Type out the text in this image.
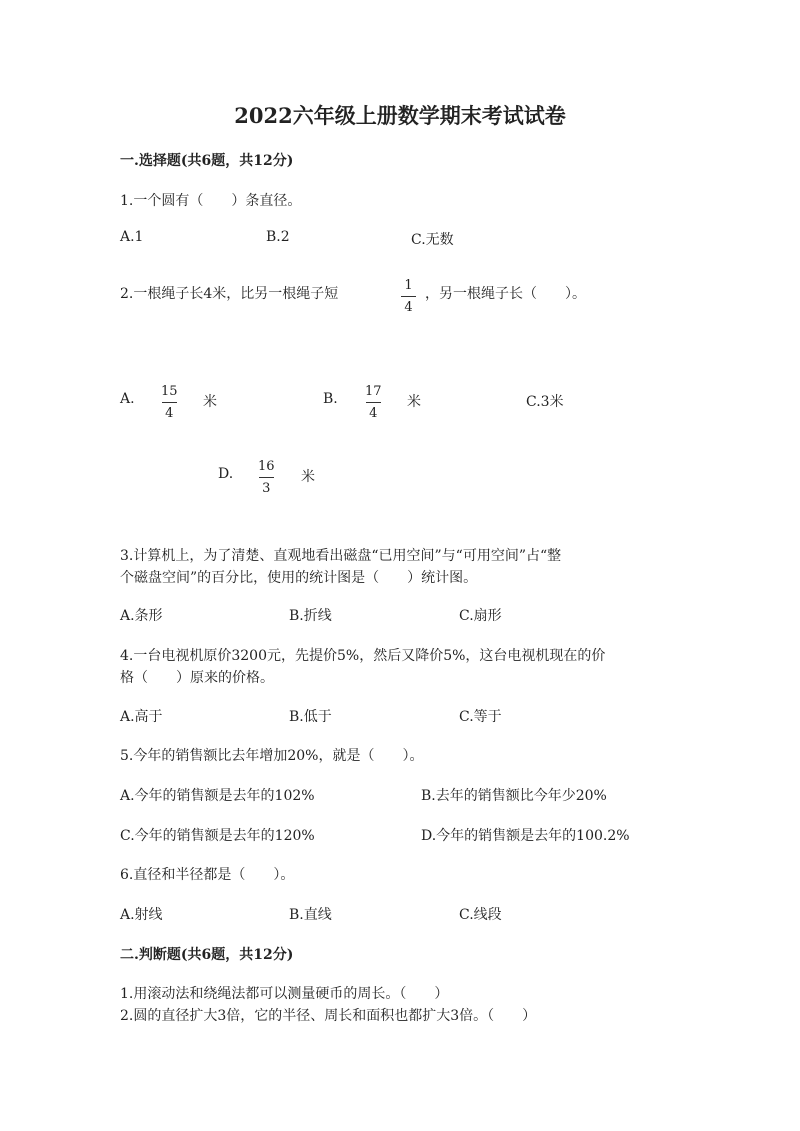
2022六年级上册数学期末考试试卷
一.选择题(共6题，共12分)
1.一个圆有（　　）条直径。
A.1	B.2	C.无数
2.一根绳子长4米，比另一根绳子短
1
4
，另一根绳子长（　　）。
A. 15
4
米	B. 17
4
米	C.3米
D. 16
3
米
3.计算机上，为了清楚、直观地看出磁盘“已用空间”与“可用空间”占“整
个磁盘空间”的百分比，使用的统计图是（　　）统计图。
A.条形	B.折线	C.扇形
4.一台电视机原价3200元，先提价5%，然后又降价5%，这台电视机现在的价
格（　　）原来的价格。
A.高于	B.低于	C.等于
5.今年的销售额比去年增加20%，就是（　　）。
A.今年的销售额是去年的102%	B.去年的销售额比今年少20%
C.今年的销售额是去年的120%	D.今年的销售额是去年的100.2%
6.直径和半径都是（　　）。
A.射线	B.直线	C.线段
二.判断题(共6题，共12分)
1.用滚动法和绕绳法都可以测量硬币的周长。（　　）
2.圆的直径扩大3倍，它的半径、周长和面积也都扩大3倍。（　　）
